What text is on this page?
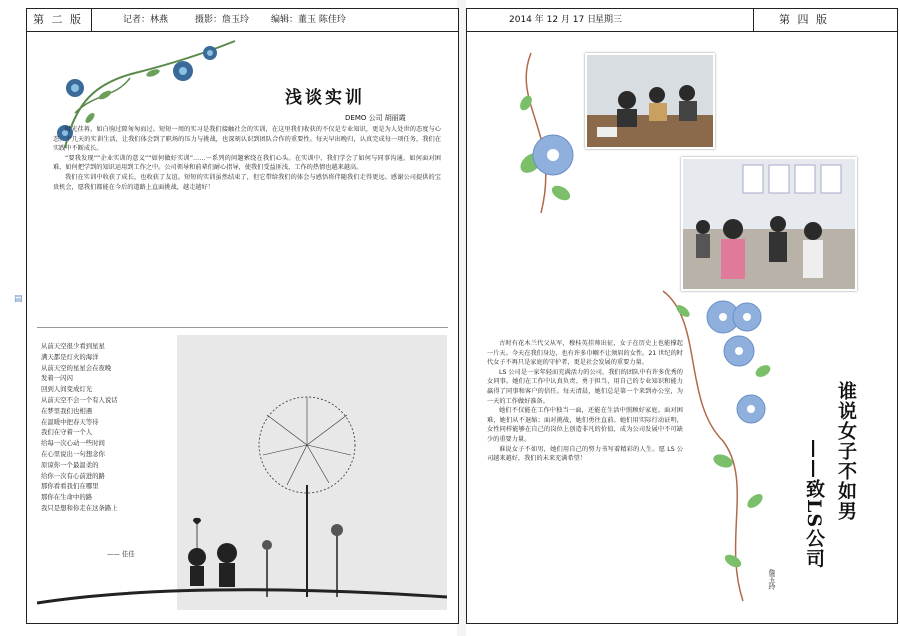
第 二 版	记者：林燕	摄影：詹玉玲 编辑：董玉 陈佳玲
浅谈实训
DEMO 公司 胡丽霞

时光荏苒，如白驹过隙匆匆而过。短短一周的实习是我们接触社会的实训，在这里我们收获的不仅是专业知识，更是为人处世的态度与心态。十几天的实训生活，让我们体会到了职场的压力与挑战，也深刻认识到团队合作的重要性。每天早出晚归，认真完成每一项任务，我们在实践中不断成长。

“要我发现”“企业实训的意义”“如何做好实训”……一系列的问题萦绕在我们心头。在实训中，我们学会了如何与同事沟通，如何面对困难，如何把学到的知识运用到工作之中。公司领导和前辈们耐心指导，使我们受益匪浅，工作的热情也越来越高。

我们在实训中收获了成长，也收获了友谊。短短的实训虽然结束了，但它带给我们的体会与感悟将伴随我们走得更远。感谢公司提供的宝贵机会，愿我们都能在今后的道路上直面挑战，越走越好！

从前天空很少看到星星
满天都是灯火的海洋
从前天空的星星会在夜晚
发着一闪闪
回到人间变成灯光
从前天空不会一个有人说话
在梦里我们也相遇
在温暖中把春天等待
我们在守着一个人
给每一次心动一些时间
在心里说出一句想念你
原谅你一个最温柔的
给你一次有心前进的路
那你看看我们在哪里
那你在生命中的路
我只是想和你走在这条路上
—— 佳佳
2014 年 12 月 17 日
星期三	第 四 版
谁说女子不如男
——致LS公司
詹玉玲

古时有花木兰代父从军，穆桂英挂帅出征，女子在历史上也能撑起一片天。今天在我们身边，也有许多巾帼不让须眉的女性。21 世纪的时代女子不再只是家庭的守护者，更是社会发展的重要力量。

LS 公司是一家年轻而充满活力的公司，我们的团队中有许多优秀的女同事。她们在工作中认真负责、勇于担当，用自己的专业知识和能力赢得了同事和客户的信任。每天清晨，她们总是第一个来到办公室，为一天的工作做好准备。

她们不仅能在工作中独当一面，还能在生活中照顾好家庭。面对困难，她们从不退缩；面对挑战，她们勇往直前。她们用实际行动证明，女性同样能够在自己的岗位上创造非凡的价值，成为公司发展中不可缺少的重要力量。

谁说女子不如男，她们用自己的努力书写着精彩的人生。愿 LS 公司越来越好，我们的未来充满希望！

▤
